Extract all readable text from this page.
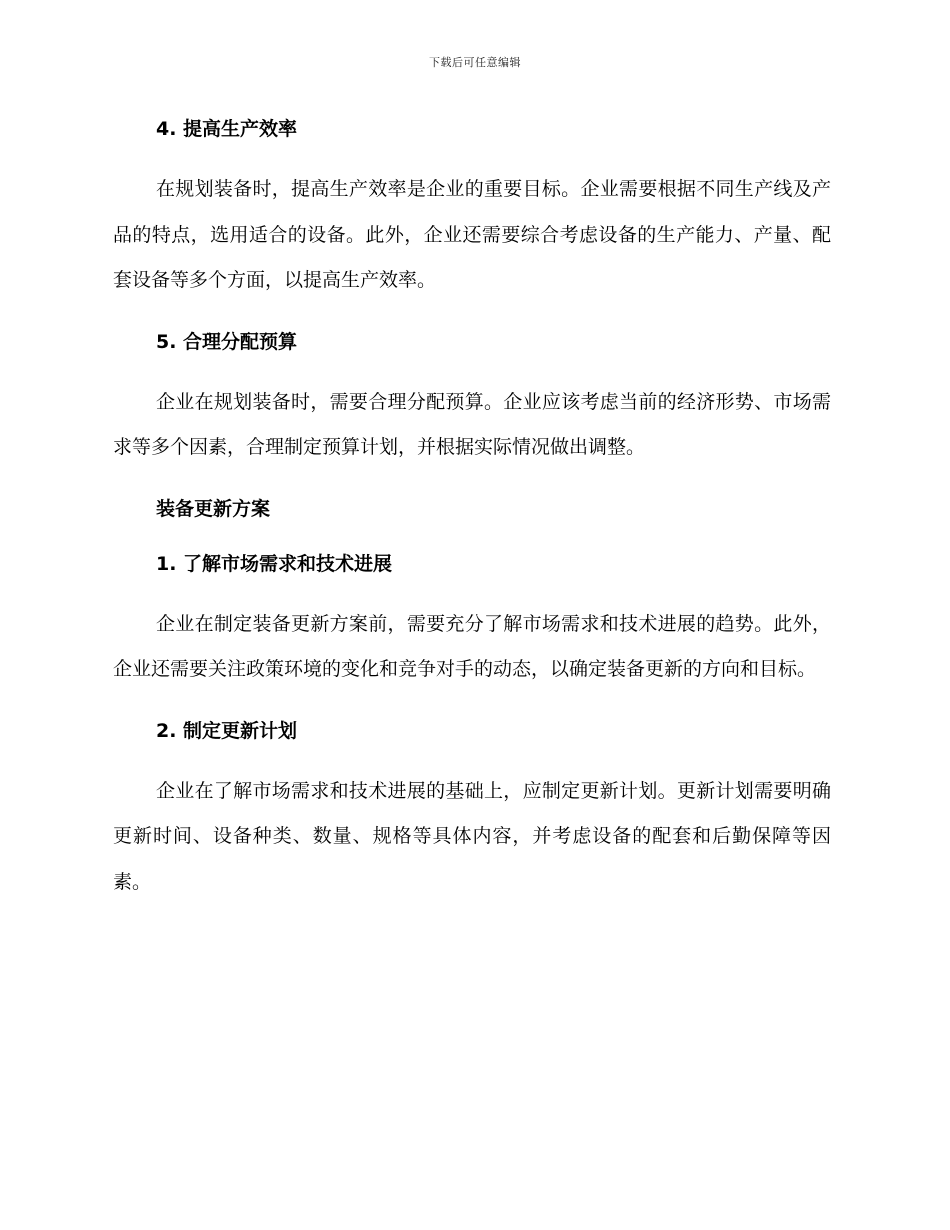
下载后可任意编辑
4. 提高生产效率

在规划装备时，提高生产效率是企业的重要目标。企业需要根据不同生产线及产品的特点，选用适合的设备。此外，企业还需要综合考虑设备的生产能力、产量、配套设备等多个方面，以提高生产效率。

5. 合理分配预算

企业在规划装备时，需要合理分配预算。企业应该考虑当前的经济形势、市场需求等多个因素，合理制定预算计划，并根据实际情况做出调整。

装备更新方案
1. 了解市场需求和技术进展

企业在制定装备更新方案前，需要充分了解市场需求和技术进展的趋势。此外，企业还需要关注政策环境的变化和竞争对手的动态，以确定装备更新的方向和目标。

2. 制定更新计划

企业在了解市场需求和技术进展的基础上，应制定更新计划。更新计划需要明确更新时间、设备种类、数量、规格等具体内容，并考虑设备的配套和后勤保障等因素。
